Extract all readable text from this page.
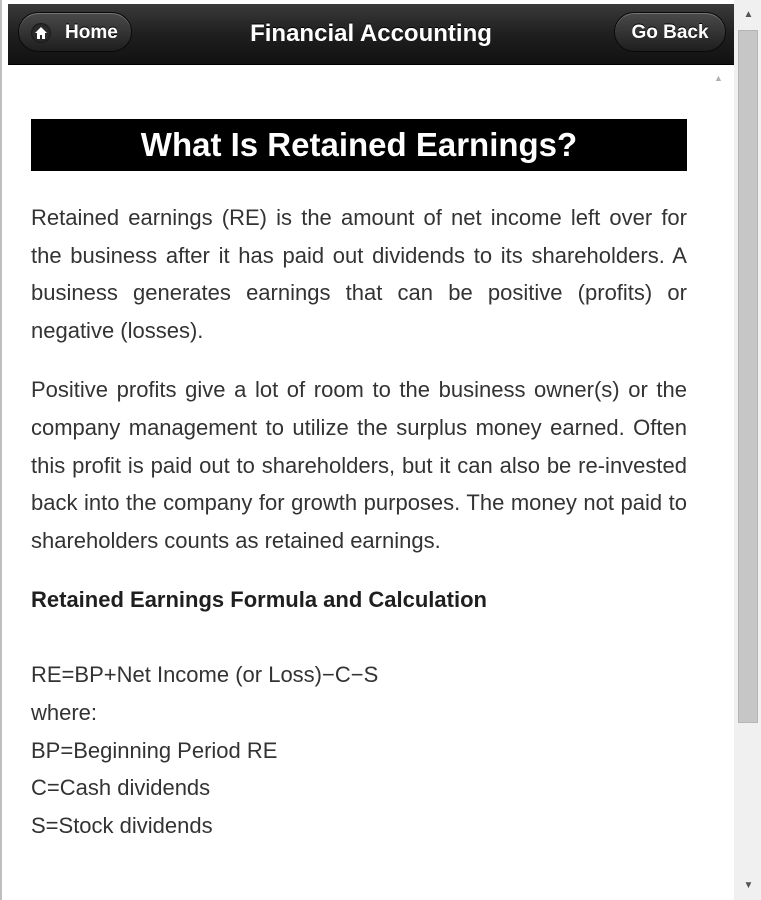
Home	Financial Accounting	Go Back
▲
What Is Retained Earnings?

Retained earnings (RE) is the amount of net income left over for the business after it has paid out dividends to its shareholders. A business generates earnings that can be positive (profits) or negative (losses).

Positive profits give a lot of room to the business owner(s) or the company management to utilize the surplus money earned. Often this profit is paid out to shareholders, but it can also be re-invested back into the company for growth purposes. The money not paid to shareholders counts as retained earnings.

Retained Earnings Formula and Calculation

RE=BP+Net Income (or Loss)−C−S

where:

BP=Beginning Period RE

C=Cash dividends

S=Stock dividends

▲
▼
